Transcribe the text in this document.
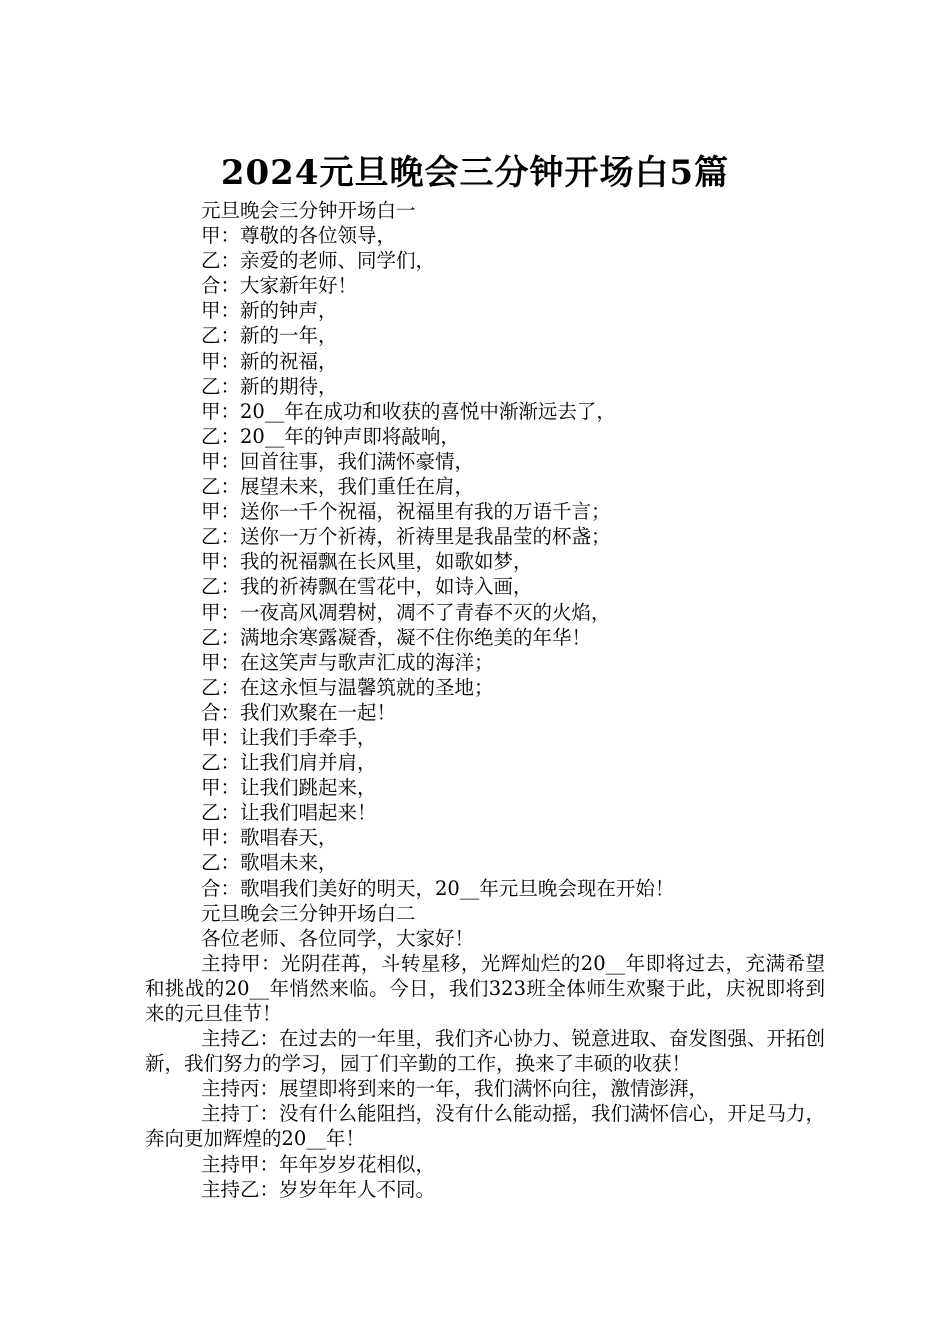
2024元旦晚会三分钟开场白5篇

元旦晚会三分钟开场白一

甲：尊敬的各位领导，

乙：亲爱的老师、同学们，

合：大家新年好！

甲：新的钟声，

乙：新的一年，

甲：新的祝福，

乙：新的期待，

甲：20__年在成功和收获的喜悦中渐渐远去了，

乙：20__年的钟声即将敲响，

甲：回首往事，我们满怀豪情，

乙：展望未来，我们重任在肩，

甲：送你一千个祝福，祝福里有我的万语千言；

乙：送你一万个祈祷，祈祷里是我晶莹的杯盏；

甲：我的祝福飘在长风里，如歌如梦，

乙：我的祈祷飘在雪花中，如诗入画，

甲：一夜高风凋碧树，凋不了青春不灭的火焰，

乙：满地余寒露凝香，凝不住你绝美的年华！

甲：在这笑声与歌声汇成的海洋；

乙：在这永恒与温馨筑就的圣地；

合：我们欢聚在一起！

甲：让我们手牵手，

乙：让我们肩并肩，

甲：让我们跳起来，

乙：让我们唱起来！

甲：歌唱春天，

乙：歌唱未来，

合：歌唱我们美好的明天，20__年元旦晚会现在开始！

元旦晚会三分钟开场白二

各位老师、各位同学，大家好！

主持甲：光阴荏苒，斗转星移，光辉灿烂的20__年即将过去，充满希望和挑战的20__年悄然来临。今日，我们323班全体师生欢聚于此，庆祝即将到来的元旦佳节！

主持乙：在过去的一年里，我们齐心协力、锐意进取、奋发图强、开拓创新，我们努力的学习，园丁们辛勤的工作，换来了丰硕的收获！

主持丙：展望即将到来的一年，我们满怀向往，激情澎湃，

主持丁：没有什么能阻挡，没有什么能动摇，我们满怀信心，开足马力，奔向更加辉煌的20__年！

主持甲：年年岁岁花相似，

主持乙：岁岁年年人不同。
